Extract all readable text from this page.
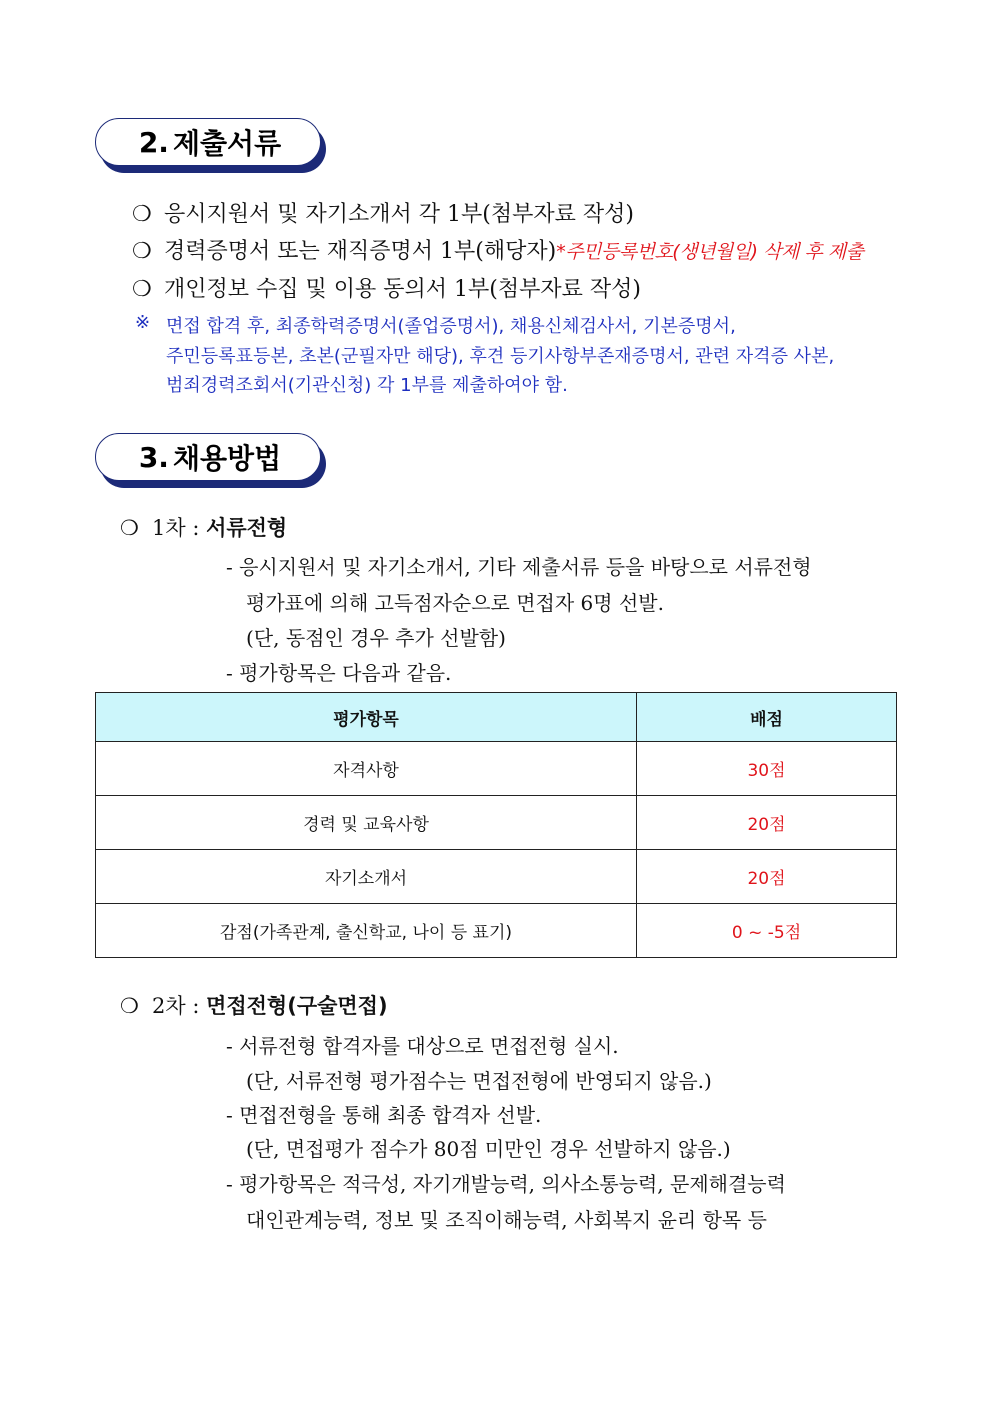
2. 제출서류
❍ 응시지원서 및 자기소개서 각 1부(첨부자료 작성)
❍ 경력증명서 또는 재직증명서 1부(해당자)*주민등록번호(생년월일) 삭제 후 제출
❍ 개인정보 수집 및 이용 동의서 1부(첨부자료 작성)
※ 면접 합격 후, 최종학력증명서(졸업증명서), 채용신체검사서, 기본증명서,
주민등록표등본, 초본(군필자만 해당), 후견 등기사항부존재증명서, 관련 자격증 사본,
범죄경력조회서(기관신청) 각 1부를 제출하여야 함.
3. 채용방법
❍ 1차 : 서류전형
- 응시지원서 및 자기소개서, 기타 제출서류 등을 바탕으로 서류전형
평가표에 의해 고득점자순으로 면접자 6명 선발.
(단, 동점인 경우 추가 선발함)
- 평가항목은 다음과 같음.
평가항목	배점
자격사항	30점
경력 및 교육사항	20점
자기소개서	20점
감점(가족관계, 출신학교, 나이 등 표기)	0 ~ -5점
❍ 2차 : 면접전형(구술면접)
- 서류전형 합격자를 대상으로 면접전형 실시.
(단, 서류전형 평가점수는 면접전형에 반영되지 않음.)
- 면접전형을 통해 최종 합격자 선발.
(단, 면접평가 점수가 80점 미만인 경우 선발하지 않음.)
- 평가항목은 적극성, 자기개발능력, 의사소통능력, 문제해결능력
대인관계능력, 정보 및 조직이해능력, 사회복지 윤리 항목 등
